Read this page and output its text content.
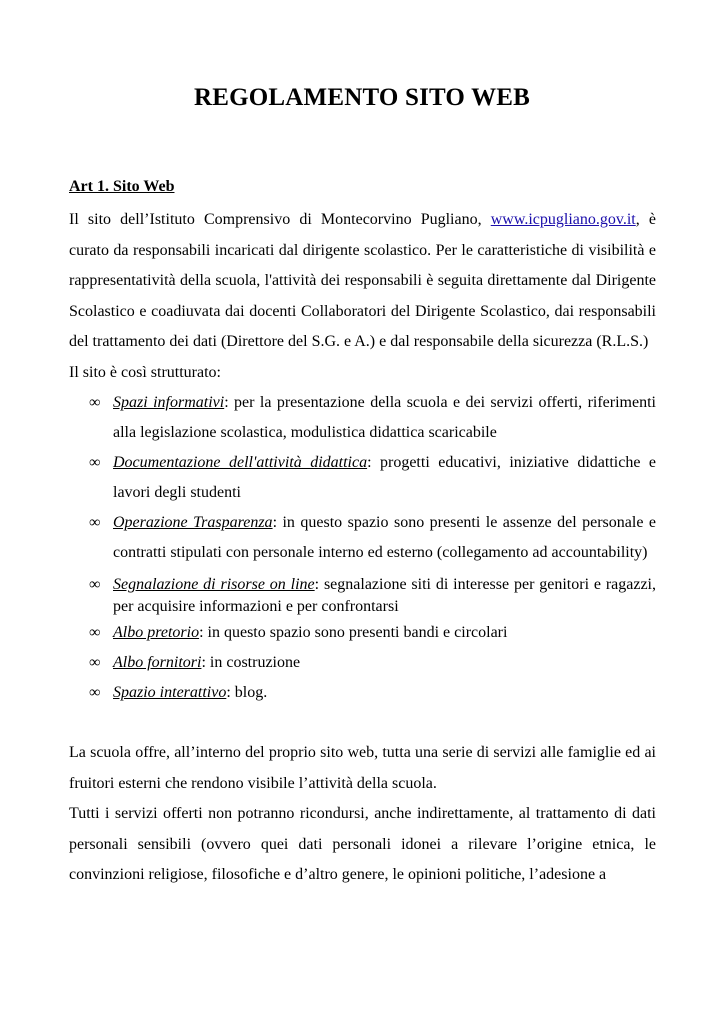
REGOLAMENTO SITO WEB
Art 1. Sito Web

Il sito dell’Istituto Comprensivo di Montecorvino Pugliano, www.icpugliano.gov.it, è curato da responsabili incaricati dal dirigente scolastico. Per le caratteristiche di visibilità e rappresentatività della scuola, l'attività dei responsabili è seguita direttamente dal Dirigente Scolastico e coadiuvata dai docenti Collaboratori del Dirigente Scolastico, dai responsabili del trattamento dei dati (Direttore del S.G. e A.) e dal responsabile della sicurezza (R.L.S.)

Il sito è così strutturato:

∞ Spazi informativi: per la presentazione della scuola e dei servizi offerti, riferimenti alla legislazione scolastica, modulistica didattica scaricabile
∞ Documentazione dell'attività didattica: progetti educativi, iniziative didattiche e lavori degli studenti
∞ Operazione Trasparenza: in questo spazio sono presenti le assenze del personale e contratti stipulati con personale interno ed esterno (collegamento ad accountability)
∞ Segnalazione di risorse on line: segnalazione siti di interesse per genitori e ragazzi, per acquisire informazioni e per confrontarsi
∞ Albo pretorio: in questo spazio sono presenti bandi e circolari
∞ Albo fornitori: in costruzione
∞ Spazio interattivo: blog.

La scuola offre, all’interno del proprio sito web, tutta una serie di servizi alle famiglie ed ai fruitori esterni che rendono visibile l’attività della scuola.

Tutti i servizi offerti non potranno ricondursi, anche indirettamente, al trattamento di dati personali sensibili (ovvero quei dati personali idonei a rilevare l’origine etnica, le convinzioni religiose, filosofiche e d’altro genere, le opinioni politiche, l’adesione a
